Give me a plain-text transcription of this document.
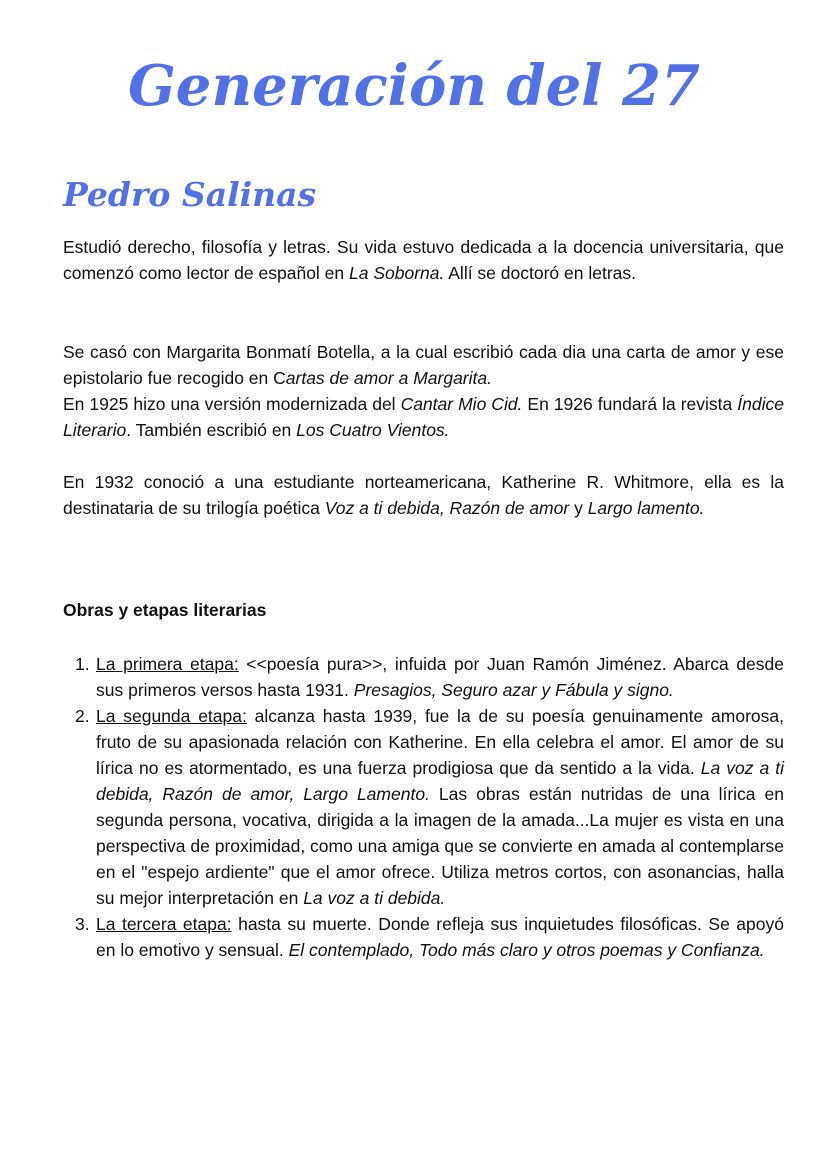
Generación del 27
Pedro Salinas

Estudió derecho, filosofía y letras. Su vida estuvo dedicada a la docencia universitaria, que comenzó como lector de español en La Soborna. Allí se doctoró en letras.

Se casó con Margarita Bonmatí Botella, a la cual escribió cada dia una carta de amor y ese epistolario fue recogido en Cartas de amor a Margarita.

En 1925 hizo una versión modernizada del Cantar Mio Cid. En 1926 fundará la revista Índice Literario. También escribió en Los Cuatro Vientos.

En 1932 conoció a una estudiante norteamericana, Katherine R. Whitmore, ella es la destinataria de su trilogía poética Voz a ti debida, Razón de amor y Largo lamento.

Obras y etapas literarias
1. La primera etapa: <<poesía pura>>, infuida por Juan Ramón Jiménez. Abarca desde sus primeros versos hasta 1931. Presagios, Seguro azar y Fábula y signo.
2. La segunda etapa: alcanza hasta 1939, fue la de su poesía genuinamente amorosa, fruto de su apasionada relación con Katherine. En ella celebra el amor. El amor de su lírica no es atormentado, es una fuerza prodigiosa que da sentido a la vida. La voz a ti debida, Razón de amor, Largo Lamento. Las obras están nutridas de una lírica en segunda persona, vocativa, dirigida a la imagen de la amada...La mujer es vista en una perspectiva de proximidad, como una amiga que se convierte en amada al contemplarse en el "espejo ardiente" que el amor ofrece. Utiliza metros cortos, con asonancias, halla su mejor interpretación en La voz a ti debida.
3. La tercera etapa: hasta su muerte. Donde refleja sus inquietudes filosóficas. Se apoyó en lo emotivo y sensual. El contemplado, Todo más claro y otros poemas y Confianza.
